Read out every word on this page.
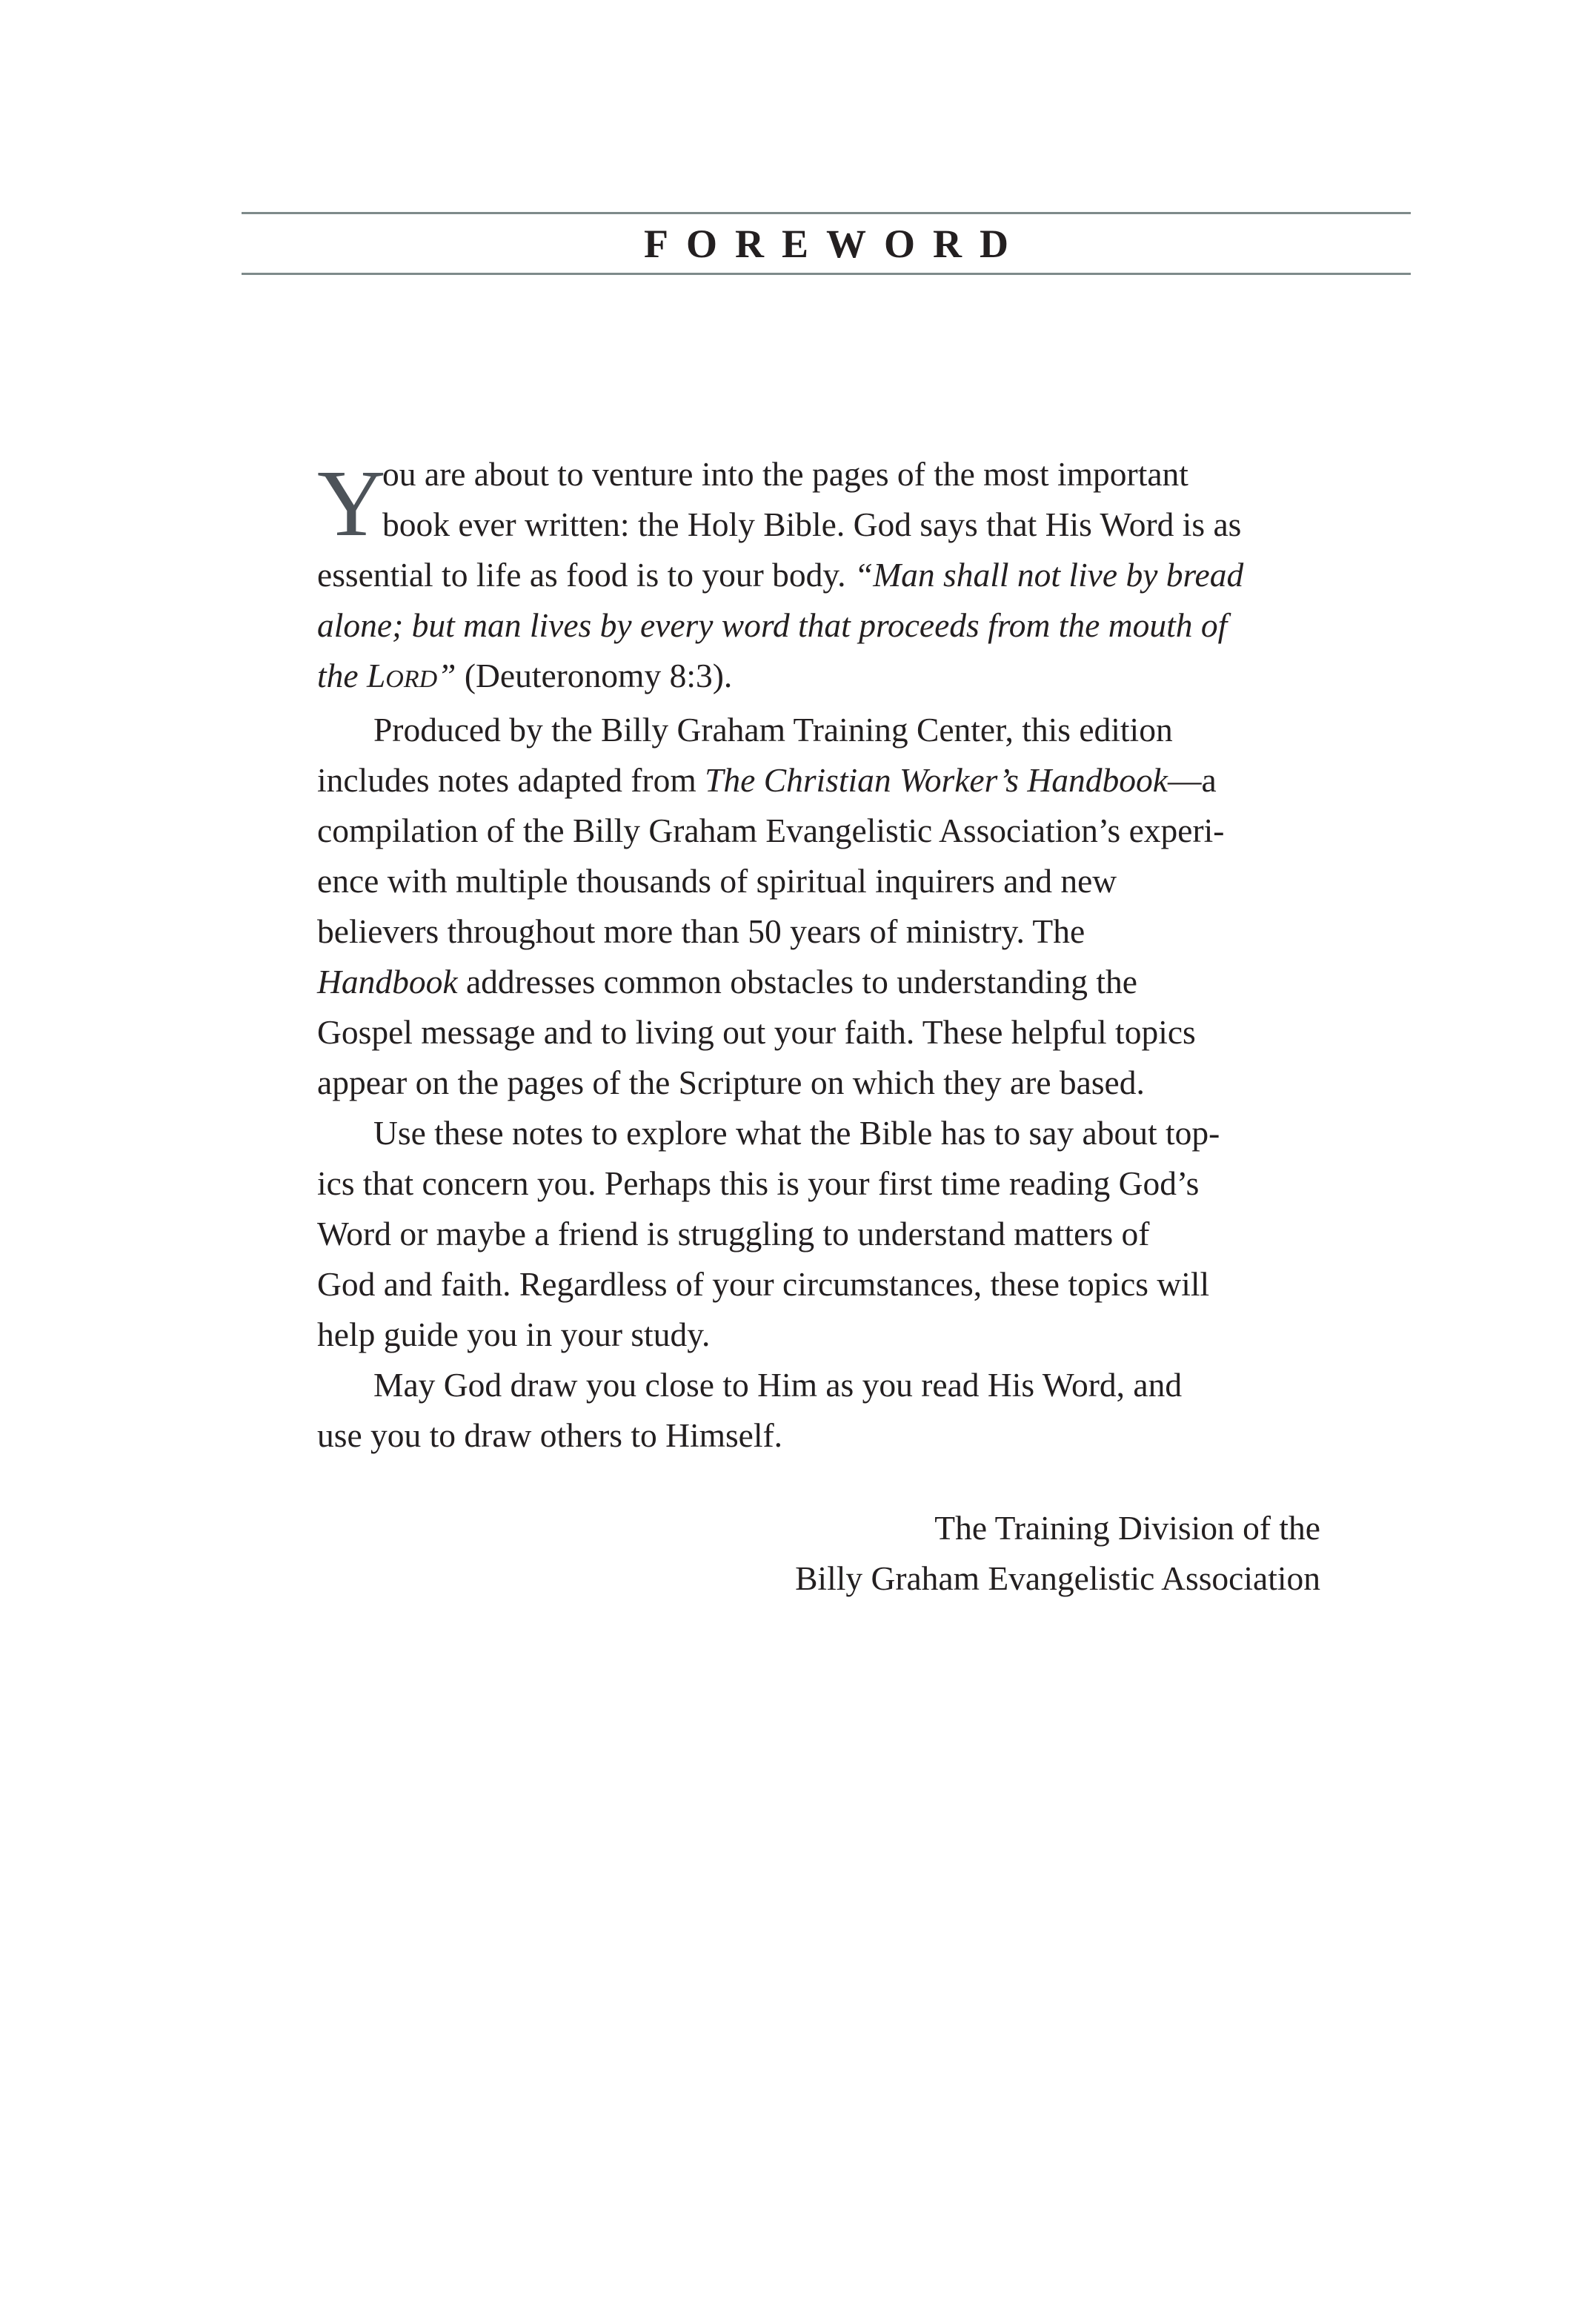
FOREWORD
Y
ou are about to venture into the pages of the most important
book ever written: the Holy Bible. God says that His Word is as
essential to life as food is to your body. “Man shall not live by bread
alone; but man lives by every word that proceeds from the mouth of
the LORD” (Deuteronomy 8:3).
Produced by the Billy Graham Training Center, this edition
includes notes adapted from The Christian Worker’s Handbook—a
compilation of the Billy Graham Evangelistic Association’s experi-
ence with multiple thousands of spiritual inquirers and new
believers throughout more than 50 years of ministry. The
Handbook addresses common obstacles to understanding the
Gospel message and to living out your faith. These helpful topics
appear on the pages of the Scripture on which they are based.
Use these notes to explore what the Bible has to say about top-
ics that concern you. Perhaps this is your first time reading God’s
Word or maybe a friend is struggling to understand matters of
God and faith. Regardless of your circumstances, these topics will
help guide you in your study.
May God draw you close to Him as you read His Word, and
use you to draw others to Himself.
The Training Division of the
Billy Graham Evangelistic Association
